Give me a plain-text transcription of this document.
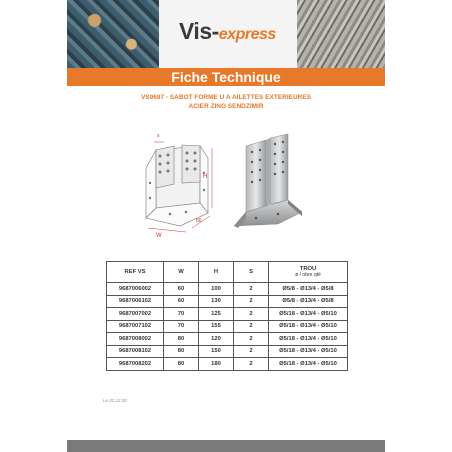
Vis-express
Fiche Technique
VS9687 - SABOT FORME U A AILETTES EXTERIEURES
ACIER ZING SENDZIMIR
s
H
W
80
REF VS	W	H	S	TROU
ø / nbre qté

9687006002	60	100	2	Ø5/8 - Ø13/4 - Ø5/8
9687006102	60	130	2	Ø5/8 - Ø13/4 - Ø5/8
9687007002	70	125	2	Ø5/18 - Ø13/4 - Ø5/10
9687007102	70	155	2	Ø5/18 - Ø13/4 - Ø5/10
9687008002	80	120	2	Ø5/18 - Ø13/4 - Ø5/10
9687008102	80	150	2	Ø5/18 - Ø13/4 - Ø5/10
9687008202	80	180	2	Ø5/18 - Ø13/4 - Ø5/10
Le 22.12.20
